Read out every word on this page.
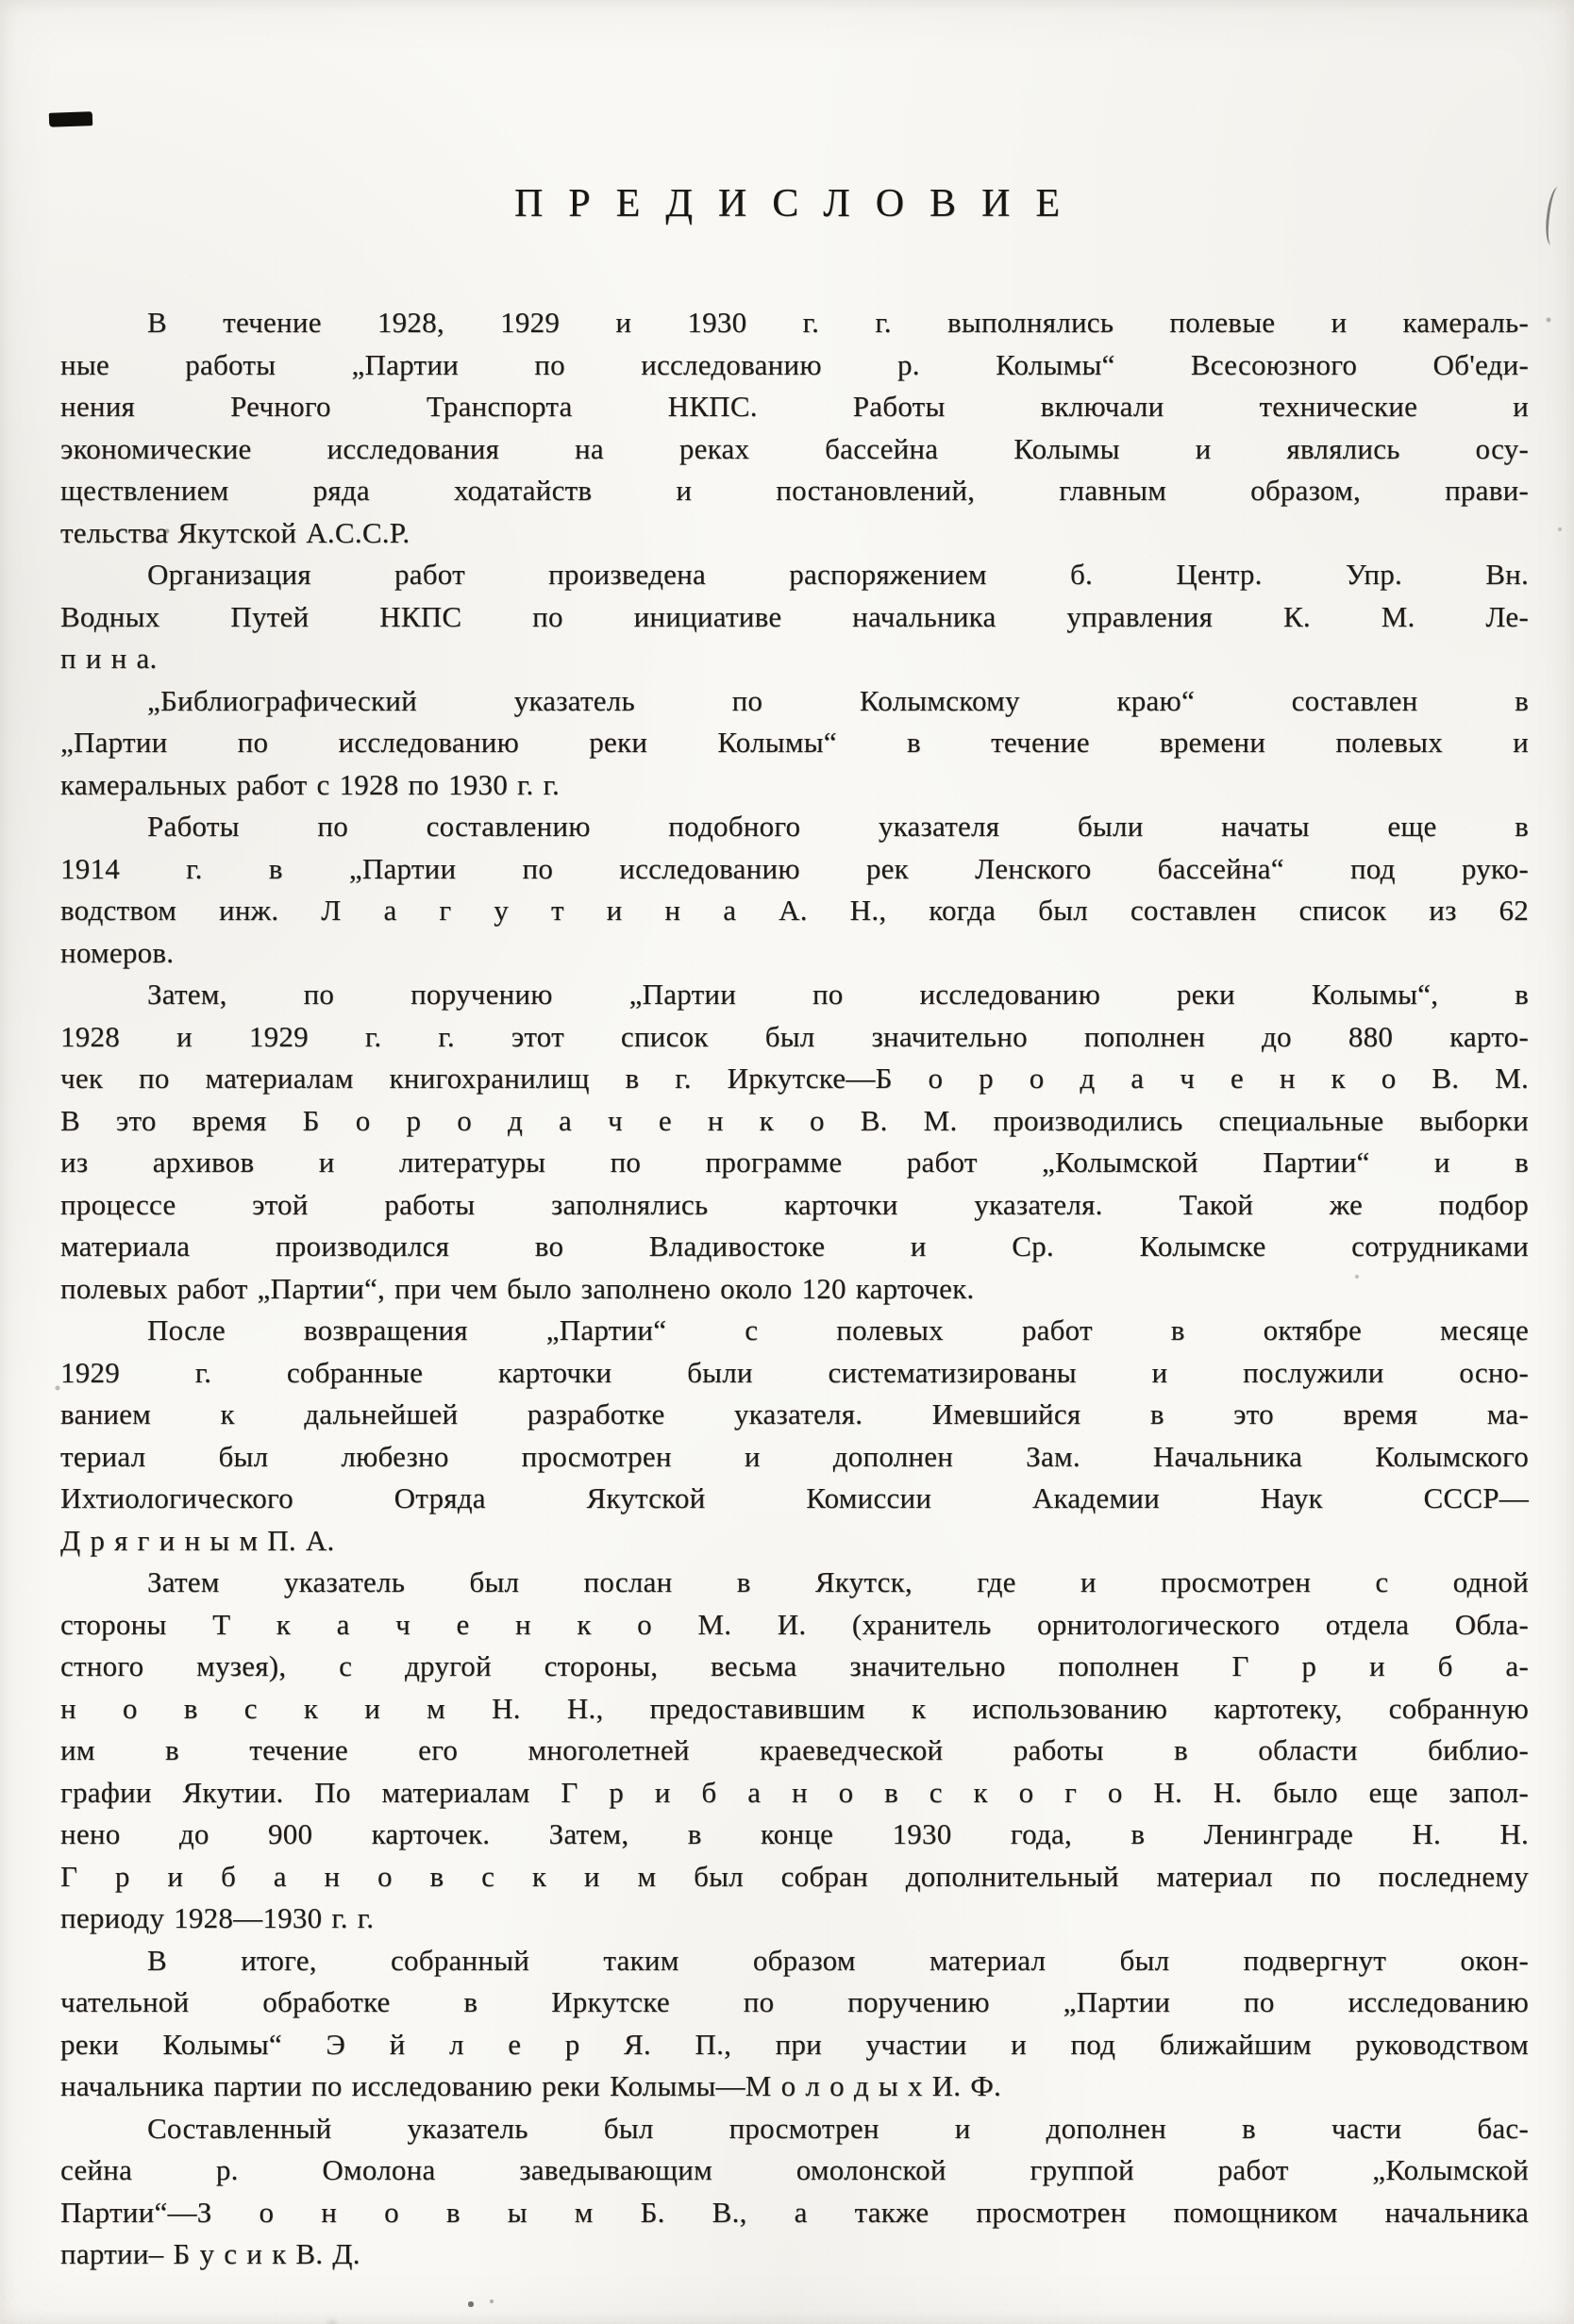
ПРЕДИСЛОВИЕ
В течение 1928, 1929 и 1930 г. г. выполнялись полевые и камераль-
ные работы „Партии по исследованию р. Колымы“ Всесоюзного Об'еди-
нения Речного Транспорта НКПС. Работы включали технические и
экономические исследования на реках бассейна Колымы и являлись осу-
ществлением ряда ходатайств и постановлений, главным образом, прави-
тельства Якутской А.С.С.Р.
Организация работ произведена распоряжением б. Центр. Упр. Вн.
Водных Путей НКПС по инициативе начальника управления К. М. Ле-
п и н а.
„Библиографический указатель по Колымскому краю“ составлен в
„Партии по исследованию реки Колымы“ в течение времени полевых и
камеральных работ с 1928 по 1930 г. г.
Работы по составлению подобного указателя были начаты еще в
1914 г. в „Партии по исследованию рек Ленского бассейна“ под руко-
водством инж. Л а г у т и н а А. Н., когда был составлен список из 62
номеров.
Затем, по поручению „Партии по исследованию реки Колымы“, в
1928 и 1929 г. г. этот список был значительно пополнен до 880 карто-
чек по материалам книгохранилищ в г. Иркутске—Б о р о д а ч е н к о В. М.
В это время Б о р о д а ч е н к о В. М. производились специальные выборки
из архивов и литературы по программе работ „Колымской Партии“ и в
процессе этой работы заполнялись карточки указателя. Такой же подбор
материала производился во Владивостоке и Ср. Колымске сотрудниками
полевых работ „Партии“, при чем было заполнено около 120 карточек.
После возвращения „Партии“ с полевых работ в октябре месяце
1929 г. собранные карточки были систематизированы и послужили осно-
ванием к дальнейшей разработке указателя. Имевшийся в это время ма-
териал был любезно просмотрен и дополнен Зам. Начальника Колымского
Ихтиологического Отряда Якутской Комиссии Академии Наук СССР—
Д р я г и н ы м П. А.
Затем указатель был послан в Якутск, где и просмотрен с одной
стороны Т к а ч е н к о М. И. (хранитель орнитологического отдела Обла-
стного музея), с другой стороны, весьма значительно пополнен Г р и б а-
н о в с к и м Н. Н., предоставившим к использованию картотеку, собранную
им в течение его многолетней краеведческой работы в области библио-
графии Якутии. По материалам Г р и б а н о в с к о г о Н. Н. было еще запол-
нено до 900 карточек. Затем, в конце 1930 года, в Ленинграде Н. Н.
Г р и б а н о в с к и м был собран дополнительный материал по последнему
периоду 1928—1930 г. г.
В итоге, собранный таким образом материал был подвергнут окон-
чательной обработке в Иркутске по поручению „Партии по исследованию
реки Колымы“ Э й л е р Я. П., при участии и под ближайшим руководством
начальника партии по исследованию реки Колымы—М о л о д ы х И. Ф.
Составленный указатель был просмотрен и дополнен в части бас-
сейна р. Омолона заведывающим омолонской группой работ „Колымской
Партии“—З о н о в ы м Б. В., а также просмотрен помощником начальника
партии– Б у с и к В. Д.
